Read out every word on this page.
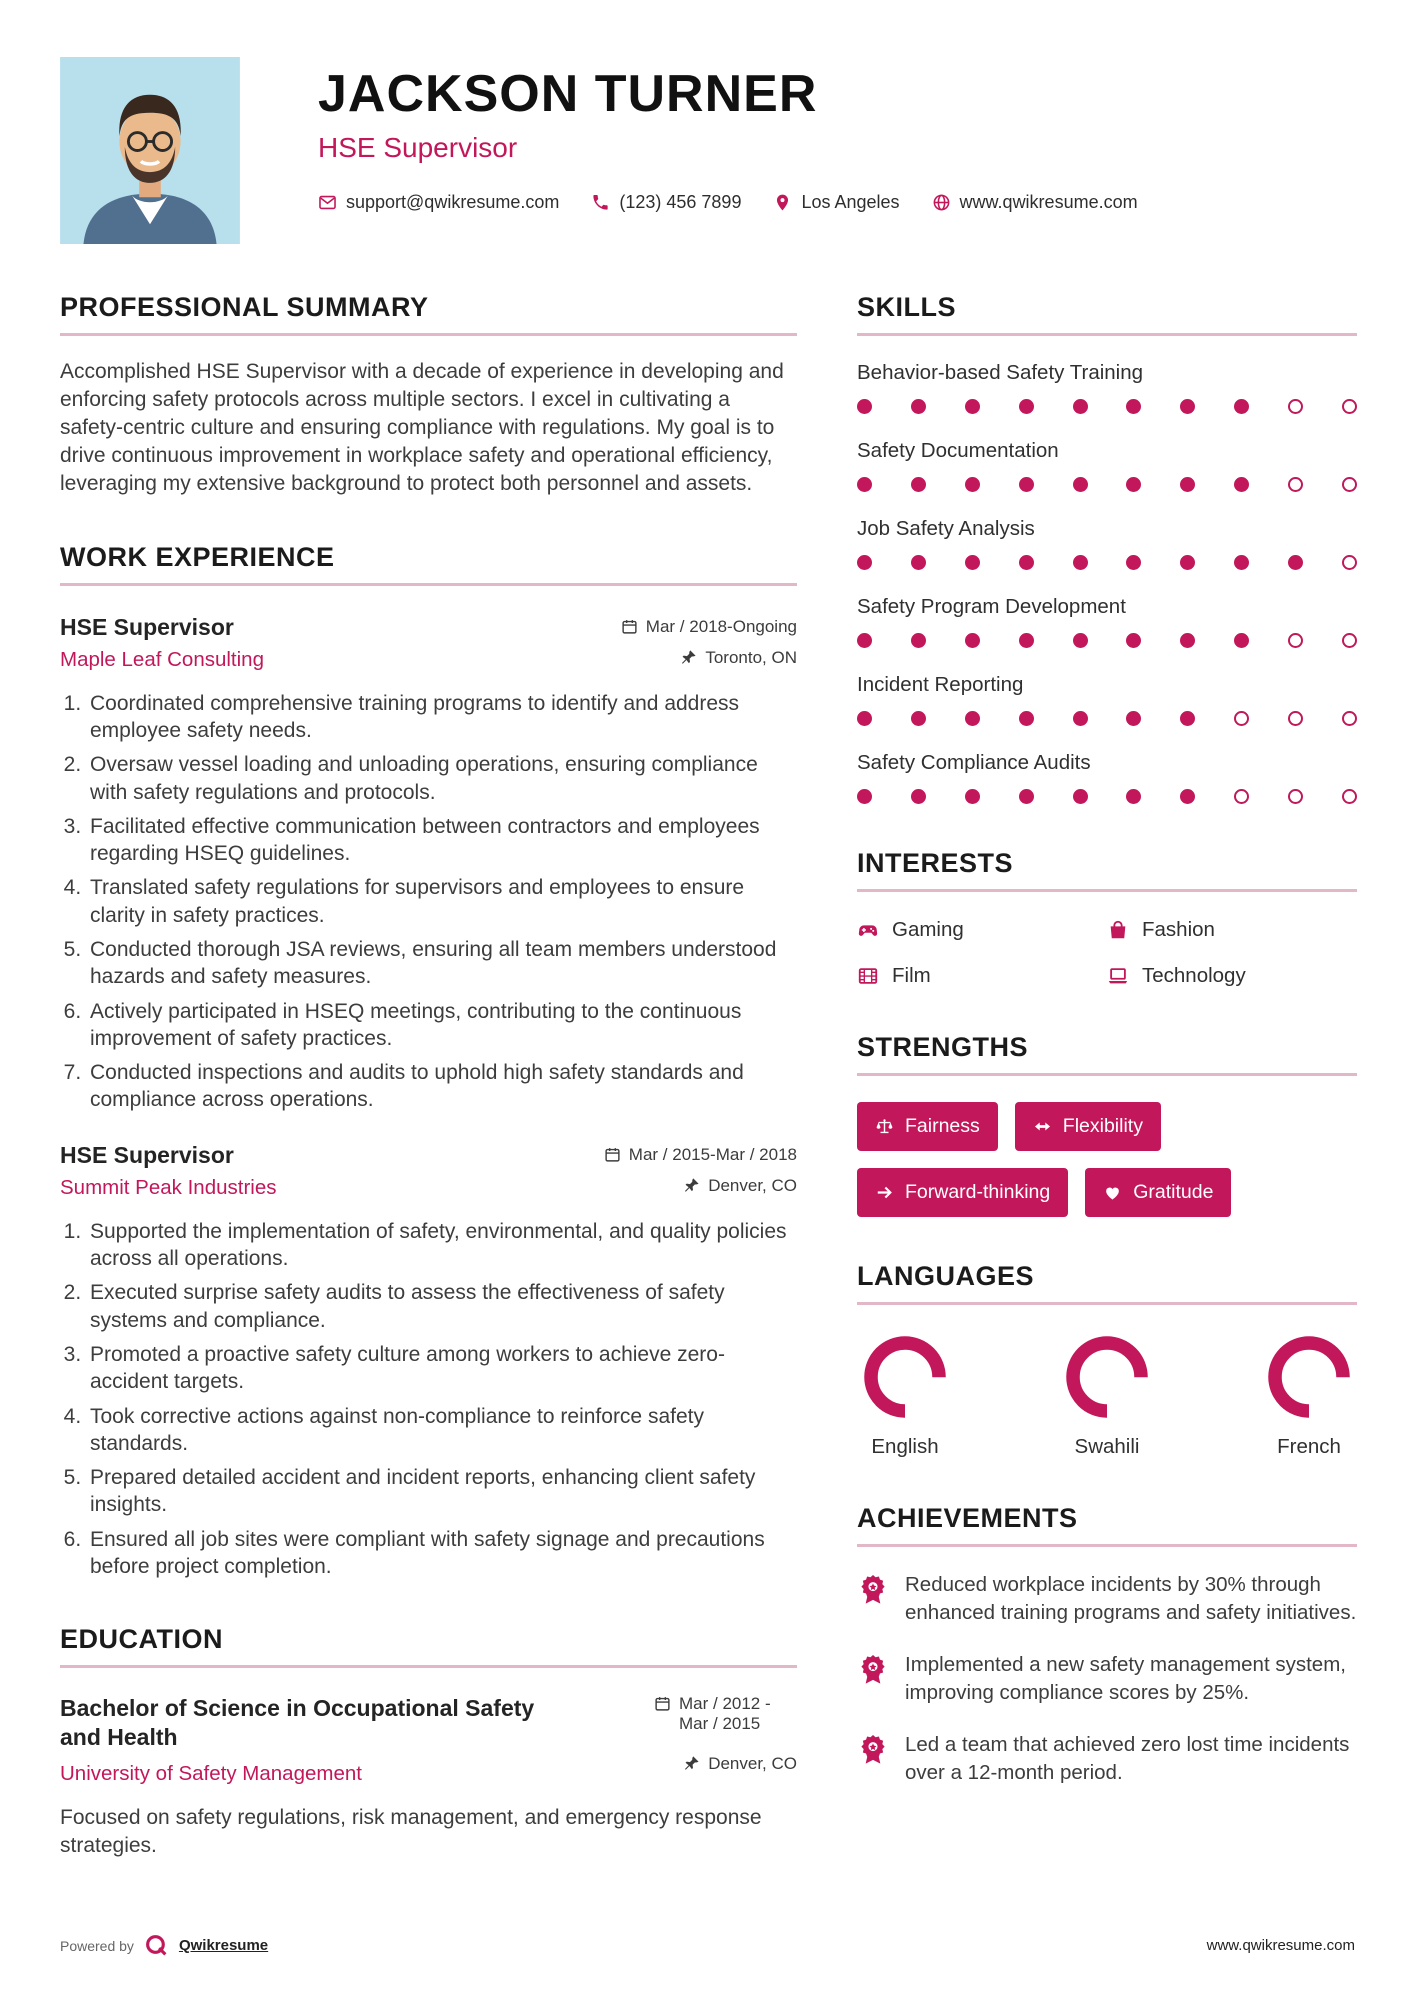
JACKSON TURNER
HSE Supervisor
support@qwikresume.com	(123) 456 7899	Los Angeles	www.qwikresume.com
PROFESSIONAL SUMMARY

Accomplished HSE Supervisor with a decade of experience in developing and enforcing safety protocols across multiple sectors. I excel in cultivating a safety-centric culture and ensuring compliance with regulations. My goal is to drive continuous improvement in workplace safety and operational efficiency, leveraging my extensive background to protect both personnel and assets.

WORK EXPERIENCE
HSE Supervisor	Mar / 2018-Ongoing
Maple Leaf Consulting	Toronto, ON
1. Coordinated comprehensive training programs to identify and address employee safety needs.
2. Oversaw vessel loading and unloading operations, ensuring compliance with safety regulations and protocols.
3. Facilitated effective communication between contractors and employees regarding HSEQ guidelines.
4. Translated safety regulations for supervisors and employees to ensure clarity in safety practices.
5. Conducted thorough JSA reviews, ensuring all team members understood hazards and safety measures.
6. Actively participated in HSEQ meetings, contributing to the continuous improvement of safety practices.
7. Conducted inspections and audits to uphold high safety standards and compliance across operations.
HSE Supervisor	Mar / 2015-Mar / 2018
Summit Peak Industries	Denver, CO
1. Supported the implementation of safety, environmental, and quality policies across all operations.
2. Executed surprise safety audits to assess the effectiveness of safety systems and compliance.
3. Promoted a proactive safety culture among workers to achieve zero-accident targets.
4. Took corrective actions against non-compliance to reinforce safety standards.
5. Prepared detailed accident and incident reports, enhancing client safety insights.
6. Ensured all job sites were compliant with safety signage and precautions before project completion.
EDUCATION
Bachelor of Science in Occupational Safety and Health
University of Safety Management
Mar / 2012 - Mar / 2015
Denver, CO

Focused on safety regulations, risk management, and emergency response strategies.

SKILLS
Behavior-based Safety Training
Safety Documentation
Job Safety Analysis
Safety Program Development
Incident Reporting
Safety Compliance Audits
INTERESTS
Gaming	Fashion
Film	Technology
STRENGTHS
Fairness	Flexibility
Forward-thinking	Gratitude
LANGUAGES
English	Swahili	French
ACHIEVEMENTS

Reduced workplace incidents by 30% through enhanced training programs and safety initiatives.

Implemented a new safety management system, improving compliance scores by 25%.

Led a team that achieved zero lost time incidents over a 12-month period.

Powered by	Qwikresume	www.qwikresume.com
